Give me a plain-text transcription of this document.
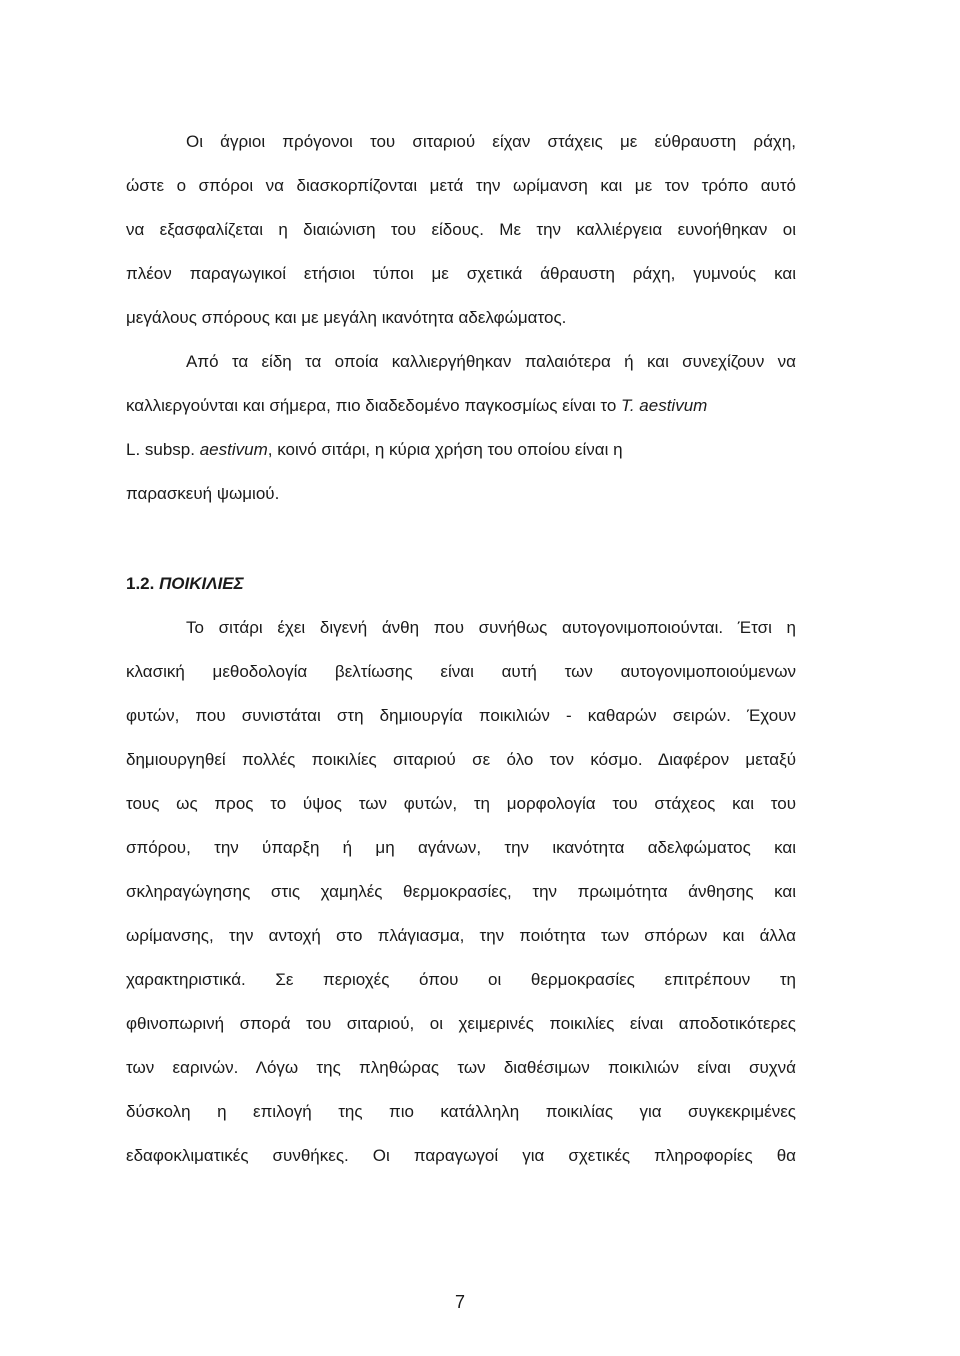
Οι άγριοι πρόγονοι του σιταριού είχαν στάχεις με εύθραυστη ράχη,
ώστε ο σπόροι να διασκορπίζονται μετά την ωρίμανση και με τον τρόπο αυτό
να εξασφαλίζεται η διαιώνιση του είδους. Με την καλλιέργεια ευνοήθηκαν οι
πλέον παραγωγικοί ετήσιοι τύποι με σχετικά άθραυστη ράχη, γυμνούς και
μεγάλους σπόρους και με μεγάλη ικανότητα αδελφώματος.
Από τα είδη τα οποία καλλιεργήθηκαν παλαιότερα ή και συνεχίζουν να
καλλιεργούνται και σήμερα, πιο διαδεδομένο παγκοσμίως είναι το T. aestivum
L. subsp. aestivum, κοινό σιτάρι, η κύρια χρήση του οποίου είναι η
παρασκευή ψωμιού.
1.2. ΠΟΙΚΙΛΙΕΣ
Το σιτάρι έχει διγενή άνθη που συνήθως αυτογονιμοποιούνται. Έτσι η
κλασική μεθοδολογία βελτίωσης είναι αυτή των αυτογονιμοποιούμενων
φυτών, που συνιστάται στη δημιουργία ποικιλιών - καθαρών σειρών. Έχουν
δημιουργηθεί πολλές ποικιλίες σιταριού σε όλο τον κόσμο. Διαφέρον μεταξύ
τους ως προς το ύψος των φυτών, τη μορφολογία του στάχεος και του
σπόρου, την ύπαρξη ή μη αγάνων, την ικανότητα αδελφώματος και
σκληραγώγησης στις χαμηλές θερμοκρασίες, την πρωιμότητα άνθησης και
ωρίμανσης, την αντοχή στο πλάγιασμα, την ποιότητα των σπόρων και άλλα
χαρακτηριστικά. Σε περιοχές όπου οι θερμοκρασίες επιτρέπουν τη
φθινοπωρινή σπορά του σιταριού, οι χειμερινές ποικιλίες είναι αποδοτικότερες
των εαρινών. Λόγω της πληθώρας των διαθέσιμων ποικιλιών είναι συχνά
δύσκολη η επιλογή της πιο κατάλληλη ποικιλίας για συγκεκριμένες
εδαφοκλιματικές συνθήκες. Οι παραγωγοί για σχετικές πληροφορίες θα
7
